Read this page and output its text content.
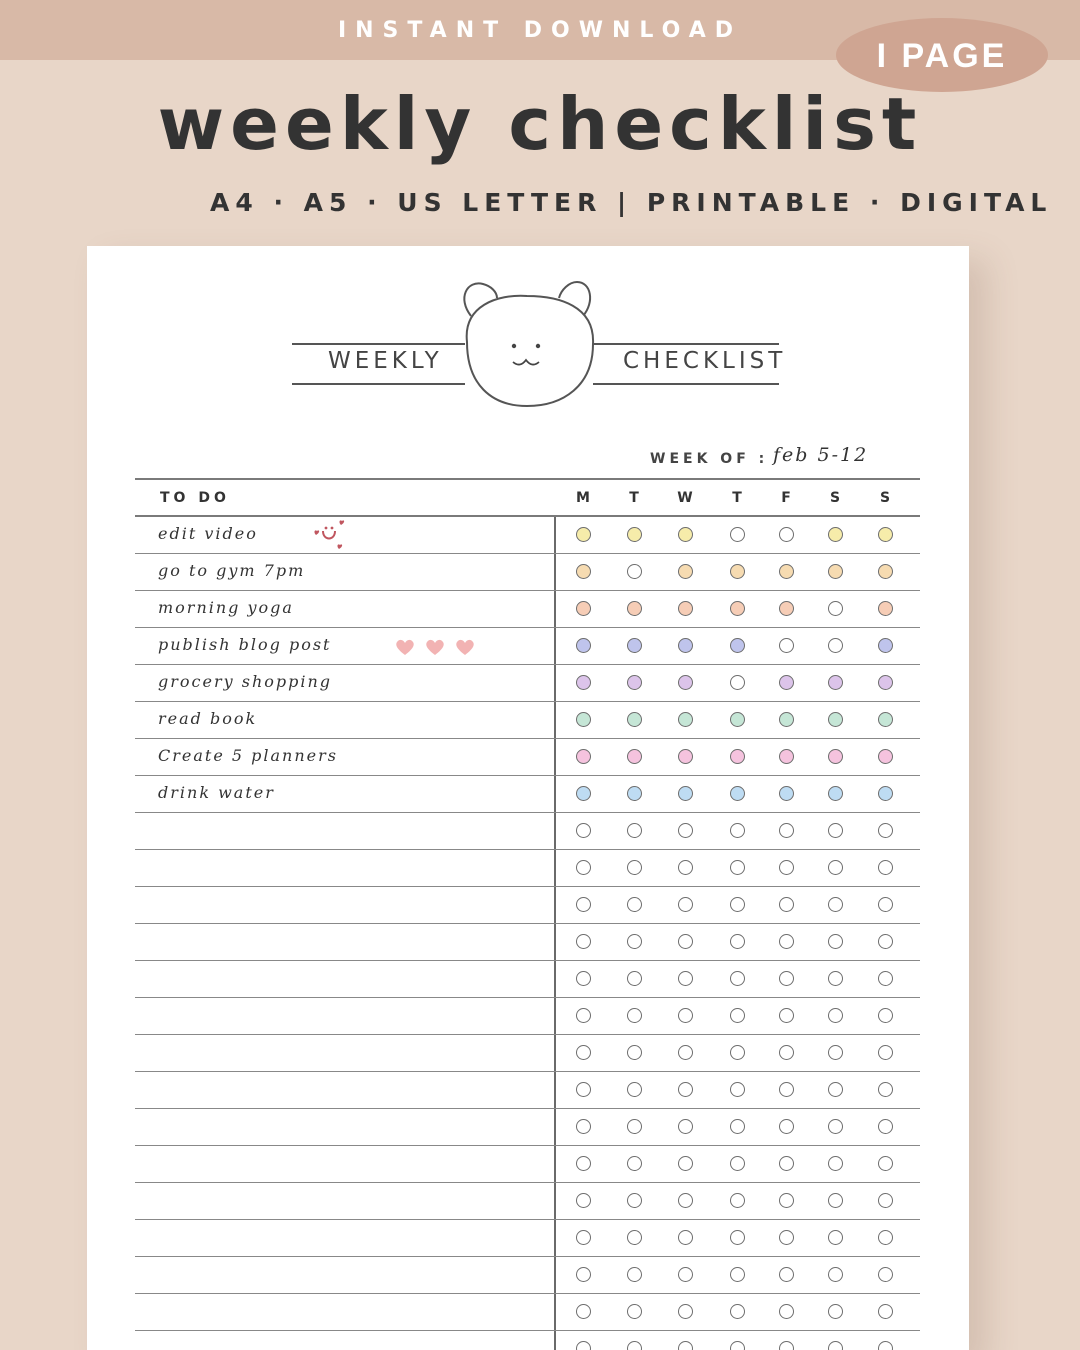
INSTANT DOWNLOAD
I PAGE
weekly checklist
A4 · A5 · US LETTER | PRINTABLE · DIGITAL
WEEKLY	CHECKLIST
WEEK OF : feb 5-12
TO DO	M	T	W	T	F	S	S
edit video
go to gym 7pm
morning yoga
publish blog post
grocery shopping
read book
Create 5 planners
drink water
